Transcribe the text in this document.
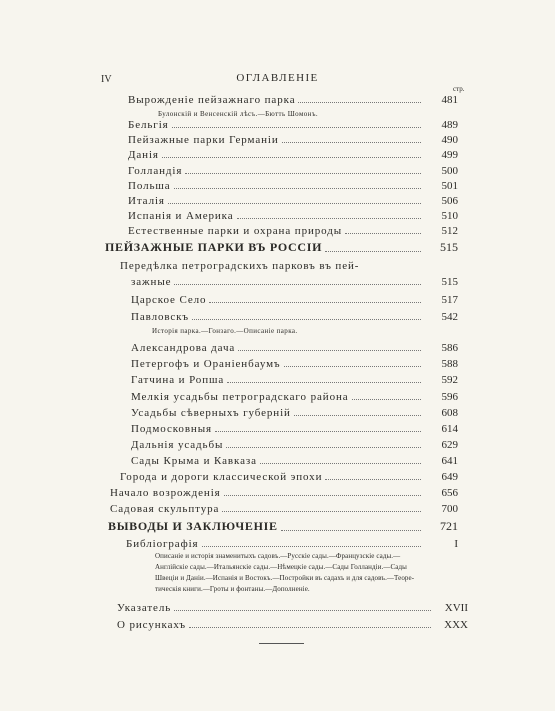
IV	ОГЛАВЛЕНІЕ
стр.
Вырожденіе пейзажнаго парка	481
Булонскій и Венсенскій лѣсъ.—Бютть Шомонъ.
Бельгія	489
Пейзажные парки Германіи	490
Данія	499
Голландія	500
Польша	501
Италія	506
Испанія и Америка	510
Естественные парки и охрана природы	512
ПЕЙЗАЖНЫЕ ПАРКИ ВЪ РОССІИ	515
Передѣлка петроградскихъ парковъ въ пей-
зажные	515
Царское Село	517
Павловскъ	542
Исторія парка.—Гонзаго.—Описаніе парка.
Александрова дача	586
Петергофъ и Ораніенбаумъ	588
Гатчина и Ропша	592
Мелкія усадьбы петроградскаго района	596
Усадьбы сѣверныхъ губерній	608
Подмосковныя	614
Дальнія усадьбы	629
Сады Крыма и Кавказа	641
Города и дороги классической эпохи	649
Начало возрожденія	656
Садовая скульптура	700
ВЫВОДЫ И ЗАКЛЮЧЕНІЕ	721
Библіографія	I
Описаніе и исторія знаменитыхъ садовъ.—Русскіе сады.—Французскіе сады.—
Англійскіе сады.—Итальянскіе сады.—Нѣмецкіе сады.—Сады Голландіи.—Сады
Швеціи и Даніи.—Испанія и Востокъ.—Постройки въ садахъ и для садовъ.—Теоре-
тическія книги.—Гроты и фонтаны.—Дополненіе.
Указатель	XVII
О рисункахъ	XXX
